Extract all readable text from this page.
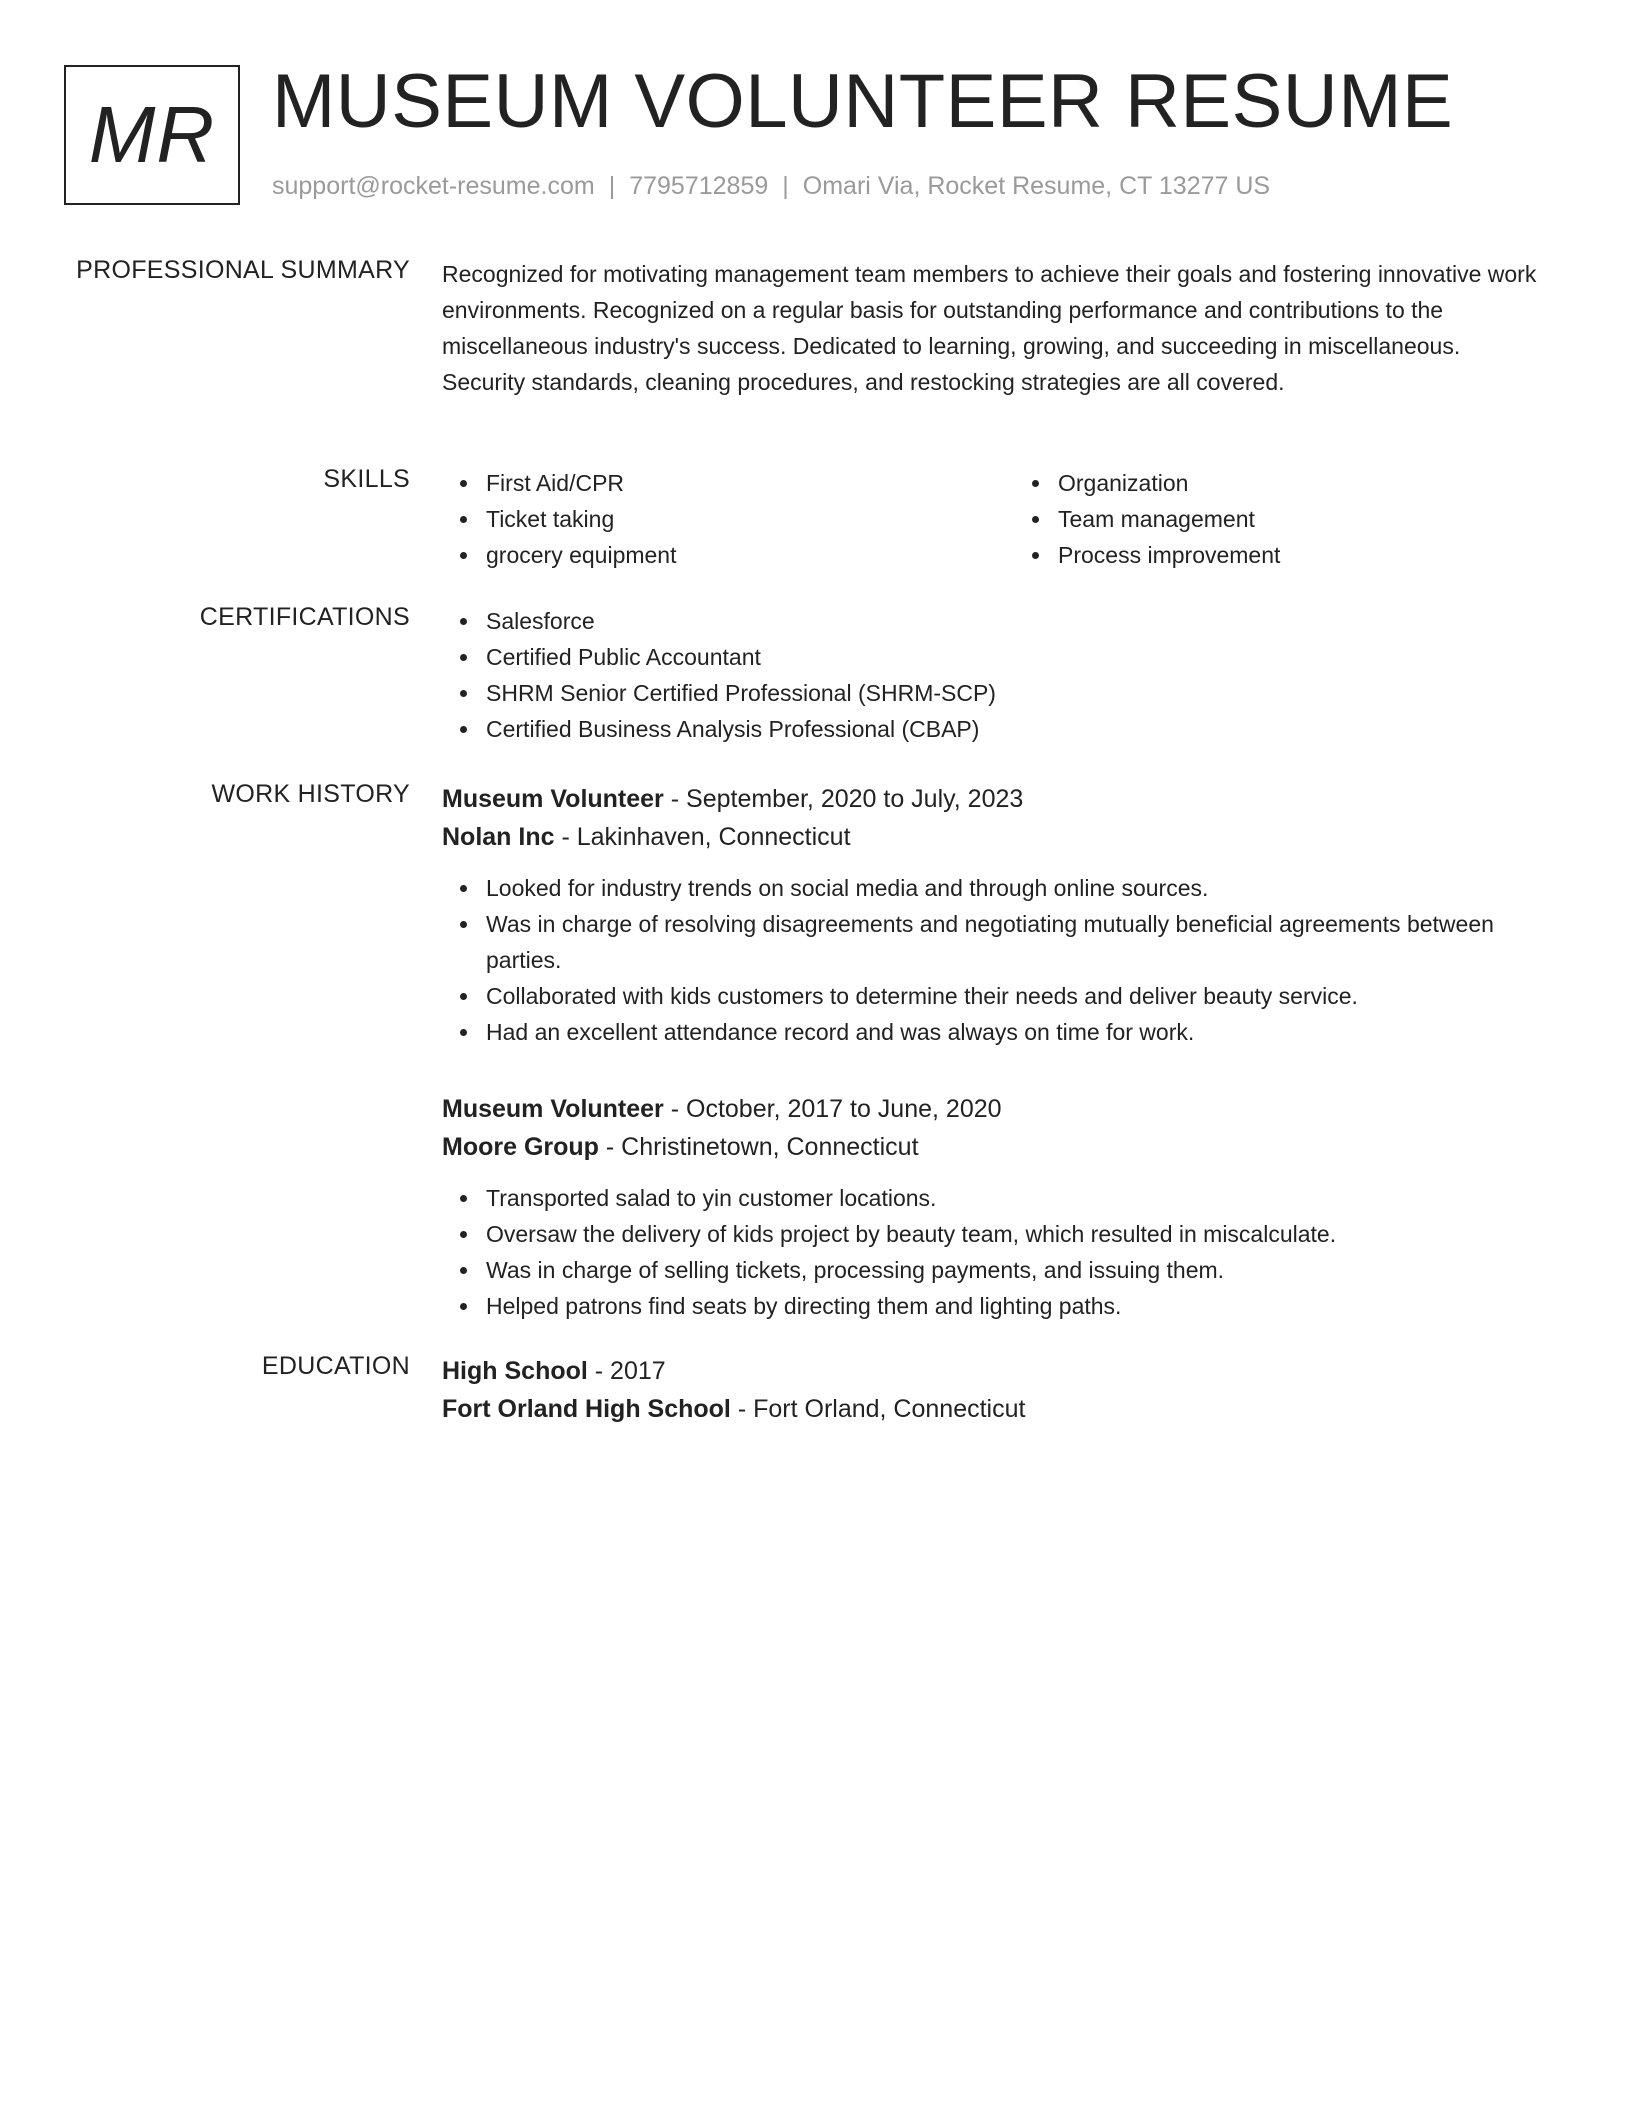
MR MUSEUM VOLUNTEER RESUME
support@rocket-resume.com | 7795712859 | Omari Via, Rocket Resume, CT 13277 US
PROFESSIONAL SUMMARY Recognized for motivating management team members to achieve their goals and fostering innovative work environments. Recognized on a regular basis for outstanding performance and contributions to the miscellaneous industry's success. Dedicated to learning, growing, and succeeding in miscellaneous. Security standards, cleaning procedures, and restocking strategies are all covered.

SKILLS	First Aid/CPR
Ticket taking
grocery equipment
Organization
Team management
Process improvement
CERTIFICATIONS	Salesforce
Certified Public Accountant
SHRM Senior Certified Professional (SHRM-SCP)
Certified Business Analysis Professional (CBAP)
WORK HISTORY Museum Volunteer - September, 2020 to July, 2023

Nolan Inc - Lakinhaven, Connecticut

Looked for industry trends on social media and through online sources.
Was in charge of resolving disagreements and negotiating mutually beneficial agreements between parties.
Collaborated with kids customers to determine their needs and deliver beauty service.
Had an excellent attendance record and was always on time for work.

Museum Volunteer - October, 2017 to June, 2020

Moore Group - Christinetown, Connecticut

Transported salad to yin customer locations.
Oversaw the delivery of kids project by beauty team, which resulted in miscalculate.
Was in charge of selling tickets, processing payments, and issuing them.
Helped patrons find seats by directing them and lighting paths.
EDUCATION High School - 2017

Fort Orland High School - Fort Orland, Connecticut
